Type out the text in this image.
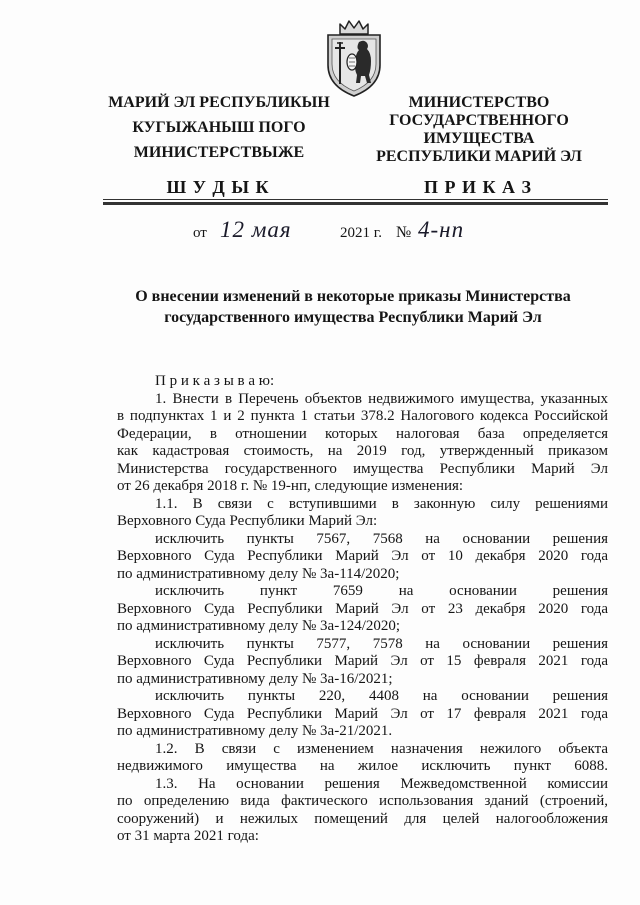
МАРИЙ ЭЛ РЕСПУБЛИКЫН
КУГЫЖАНЫШ ПОГО
МИНИСТЕРСТВЫЖЕ
МИНИСТЕРСТВО
ГОСУДАРСТВЕННОГО
ИМУЩЕСТВА
РЕСПУБЛИКИ МАРИЙ ЭЛ
Ш У Д Ы К	П Р И К А З
от 12 мая	2021 г. № 4-нп
О внесении изменений в некоторые приказы Министерства
государственного имущества Республики Марий Эл
П р и к а з ы в а ю:
1. Внести в Перечень объектов недвижимого имущества, указанных
в подпунктах 1 и 2 пункта 1 статьи 378.2 Налогового кодекса Российской
Федерации, в отношении которых налоговая база определяется
как кадастровая стоимость, на 2019 год, утвержденный приказом
Министерства государственного имущества Республики Марий Эл
от 26 декабря 2018 г. № 19-нп, следующие изменения:
1.1. В связи с вступившими в законную силу решениями
Верховного Суда Республики Марий Эл:
исключить пункты 7567, 7568 на основании решения
Верховного Суда Республики Марий Эл от 10 декабря 2020 года
по административному делу № 3а-114/2020;
исключить пункт 7659 на основании решения
Верховного Суда Республики Марий Эл от 23 декабря 2020 года
по административному делу № 3а-124/2020;
исключить пункты 7577, 7578 на основании решения
Верховного Суда Республики Марий Эл от 15 февраля 2021 года
по административному делу № 3а-16/2021;
исключить пункты 220, 4408 на основании решения
Верховного Суда Республики Марий Эл от 17 февраля 2021 года
по административному делу № 3а-21/2021.
1.2. В связи с изменением назначения нежилого объекта
недвижимого имущества на жилое исключить пункт 6088.
1.3. На основании решения Межведомственной комиссии
по определению вида фактического использования зданий (строений,
сооружений) и нежилых помещений для целей налогообложения
от 31 марта 2021 года:
